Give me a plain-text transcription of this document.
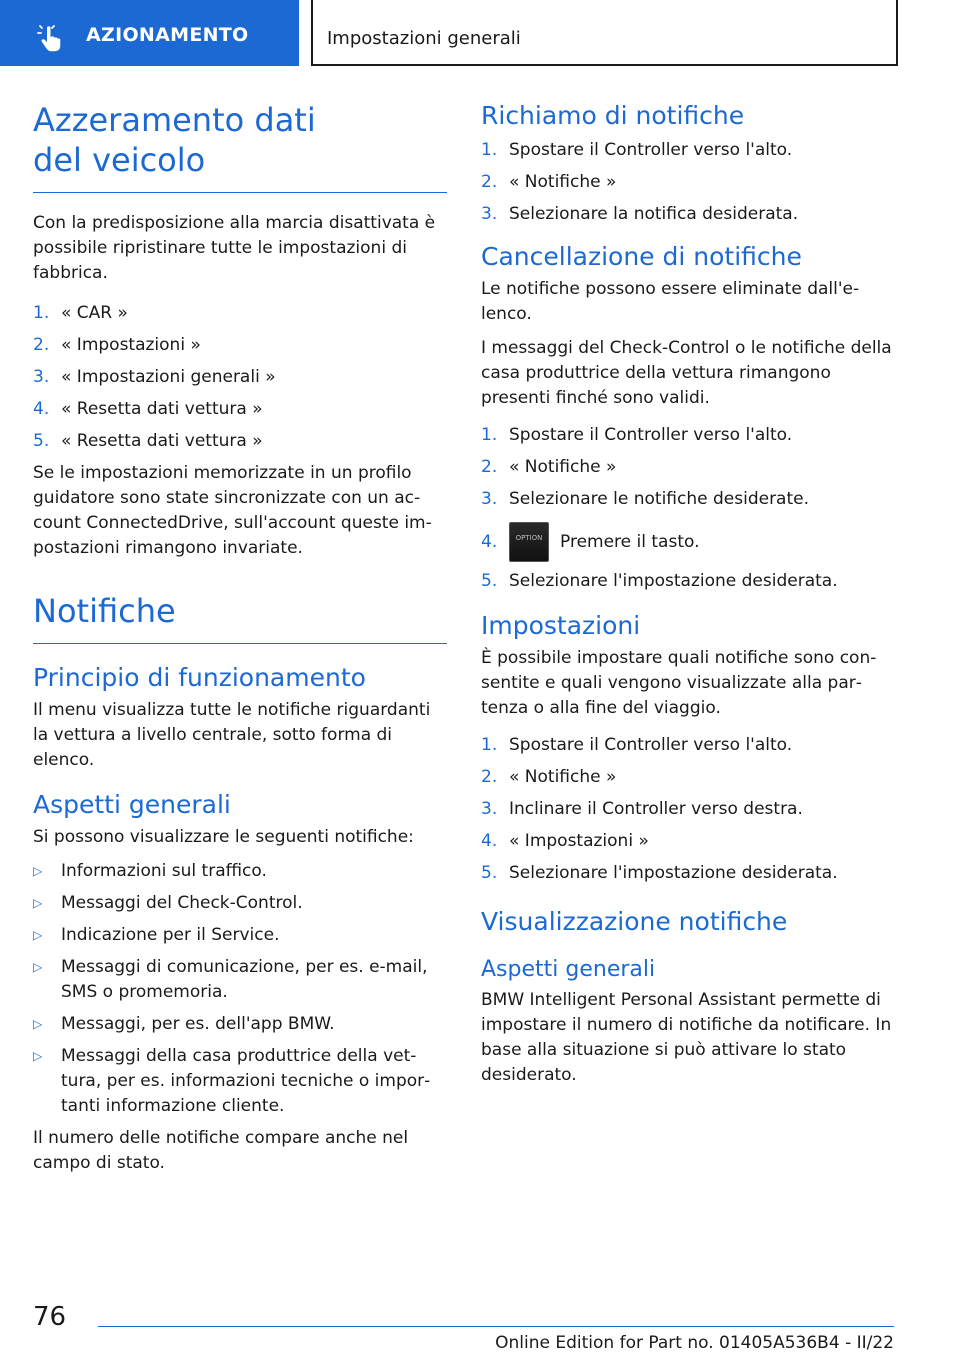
AZIONAMENTO	Impostazioni generali
Azzeramento dati del veicolo
Con la predisposizione alla marcia disattivata è possibile ripristinare tutte le impostazioni di fabbrica.
1. « CAR »
2. « Impostazioni »
3. « Impostazioni generali »
4. « Resetta dati vettura »
5. « Resetta dati vettura »
Se le impostazioni memorizzate in un profilo guidatore sono state sincronizzate con un account ConnectedDrive, sull'account queste impostazioni rimangono invariate.
Notifiche
Principio di funzionamento
Il menu visualizza tutte le notifiche riguardanti la vettura a livello centrale, sotto forma di elenco.
Aspetti generali
Si possono visualizzare le seguenti notifiche:
▷	Informazioni sul traffico.
▷	Messaggi del Check-Control.
▷	Indicazione per il Service.
▷	Messaggi di comunicazione, per es. e-mail, SMS o promemoria.
▷	Messaggi, per es. dell'app BMW.
▷	Messaggi della casa produttrice della vettura, per es. informazioni tecniche o importanti informazione cliente.
Il numero delle notifiche compare anche nel campo di stato.
Richiamo di notifiche
1. Spostare il Controller verso l'alto.
2. « Notifiche »
3. Selezionare la notifica desiderata.
Cancellazione di notifiche
Le notifiche possono essere eliminate dall'elenco.
I messaggi del Check-Control o le notifiche della casa produttrice della vettura rimangono presenti finché sono validi.
1. Spostare il Controller verso l'alto.
2. « Notifiche »
3. Selezionare le notifiche desiderate.
4.	OPTION	Premere il tasto.
5. Selezionare l'impostazione desiderata.
Impostazioni
È possibile impostare quali notifiche sono consentite e quali vengono visualizzate alla partenza o alla fine del viaggio.
1. Spostare il Controller verso l'alto.
2. « Notifiche »
3. Inclinare il Controller verso destra.
4. « Impostazioni »
5. Selezionare l'impostazione desiderata.
Visualizzazione notifiche
Aspetti generali
BMW Intelligent Personal Assistant permette di impostare il numero di notifiche da notificare. In base alla situazione si può attivare lo stato desiderato.
76
Online Edition for Part no. 01405A536B4 - II/22
